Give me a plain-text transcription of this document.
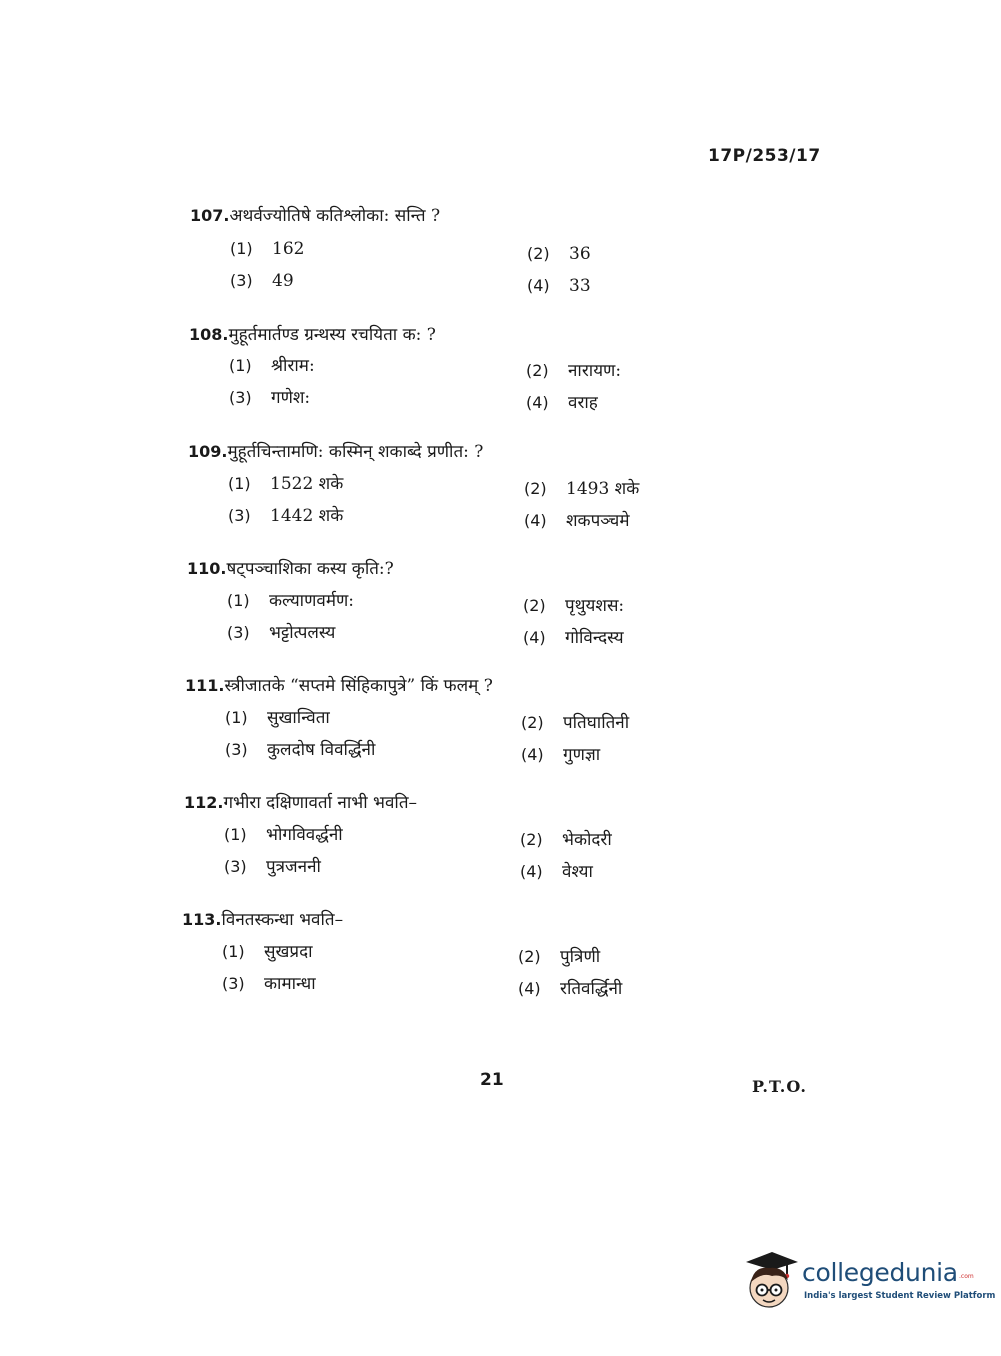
17P/253/17
107.अथर्वज्योतिषे कतिश्लोका: सन्ति ?
(1) 162	(2) 36
(3) 49	(4) 33
108.मुहूर्तमार्तण्ड ग्रन्थस्य रचयिता क: ?
(1) श्रीराम:	(2) नारायण:
(3) गणेश:	(4) वराह
109.मुहूर्तचिन्तामणि: कस्मिन् शकाब्दे प्रणीत: ?
(1) 1522 शके	(2) 1493 शके
(3) 1442 शके	(4) शकपञ्चमे
110.षट्पञ्चाशिका कस्य कृति:?
(1) कल्याणवर्मण:	(2) पृथुयशस:
(3) भट्टोत्पलस्य	(4) गोविन्दस्य
111.स्त्रीजातके “सप्तमे सिंहिकापुत्रे” किं फलम् ?
(1) सुखान्विता	(2) पतिघातिनी
(3) कुलदोष विवर्द्धिनी	(4) गुणज्ञा
112.गभीरा दक्षिणावर्ता नाभी भवति–
(1) भोगविवर्द्धनी	(2) भेकोदरी
(3) पुत्रजननी	(4) वेश्या
113.विनतस्कन्धा भवति–
(1) सुखप्रदा	(2) पुत्रिणी
(3) कामान्धा	(4) रतिवर्द्धिनी
21	P.T.O.
collegedunia .com
India's largest Student Review Platform
